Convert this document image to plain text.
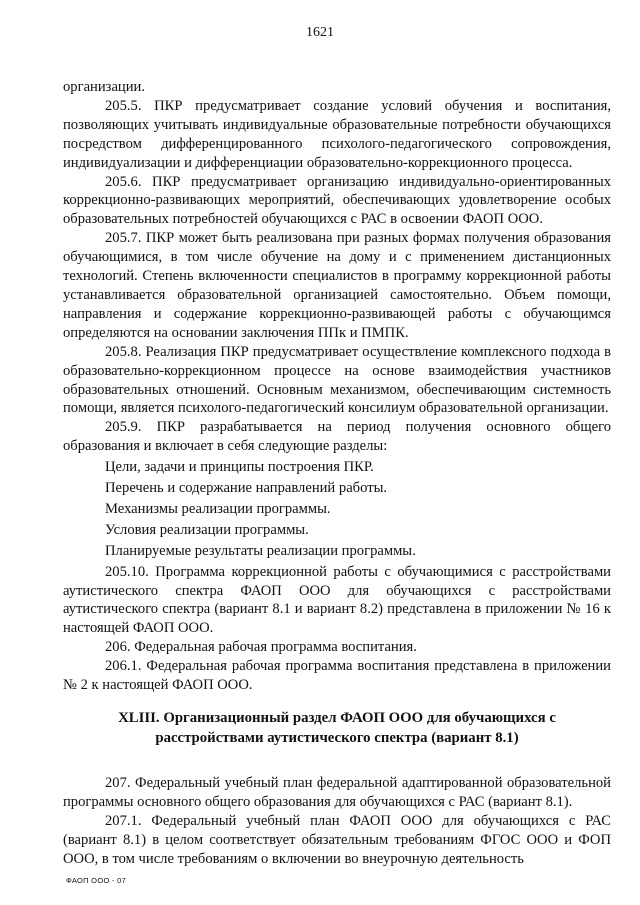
1621

организации.

205.5. ПКР предусматривает создание условий обучения и воспитания, позволяющих учитывать индивидуальные образовательные потребности обучающихся посредством дифференцированного психолого-педагогического сопровождения, индивидуализации и дифференциации образовательно-коррекционного процесса.

205.6. ПКР предусматривает организацию индивидуально-ориентированных коррекционно-развивающих мероприятий, обеспечивающих удовлетворение особых образовательных потребностей обучающихся с РАС в освоении ФАОП ООО.

205.7. ПКР может быть реализована при разных формах получения образования обучающимися, в том числе обучение на дому и с применением дистанционных технологий. Степень включенности специалистов в программу коррекционной работы устанавливается образовательной организацией самостоятельно. Объем помощи, направления и содержание коррекционно-развивающей работы с обучающимся определяются на основании заключения ППк и ПМПК.

205.8. Реализация ПКР предусматривает осуществление комплексного подхода в образовательно-коррекционном процессе на основе взаимодействия участников образовательных отношений. Основным механизмом, обеспечивающим системность помощи, является психолого-педагогический консилиум образовательной организации.

205.9. ПКР разрабатывается на период получения основного общего образования и включает в себя следующие разделы:

Цели, задачи и принципы построения ПКР.

Перечень и содержание направлений работы.

Механизмы реализации программы.

Условия реализации программы.

Планируемые результаты реализации программы.

205.10. Программа коррекционной работы с обучающимися с расстройствами аутистического спектра ФАОП ООО для обучающихся с расстройствами аутистического спектра (вариант 8.1 и вариант 8.2) представлена в приложении № 16 к настоящей ФАОП ООО.

206. Федеральная рабочая программа воспитания.

206.1. Федеральная рабочая программа воспитания представлена в приложении № 2 к настоящей ФАОП ООО.

XLIII. Организационный раздел ФАОП ООО для обучающихся с
расстройствами аутистического спектра (вариант 8.1)

207. Федеральный учебный план федеральной адаптированной образовательной программы основного общего образования для обучающихся с РАС (вариант 8.1).

207.1. Федеральный учебный план ФАОП ООО для обучающихся с РАС (вариант 8.1) в целом соответствует обязательным требованиям ФГОС ООО и ФОП ООО, в том числе требованиям о включении во внеурочную деятельность

ФАОП ООО - 07
